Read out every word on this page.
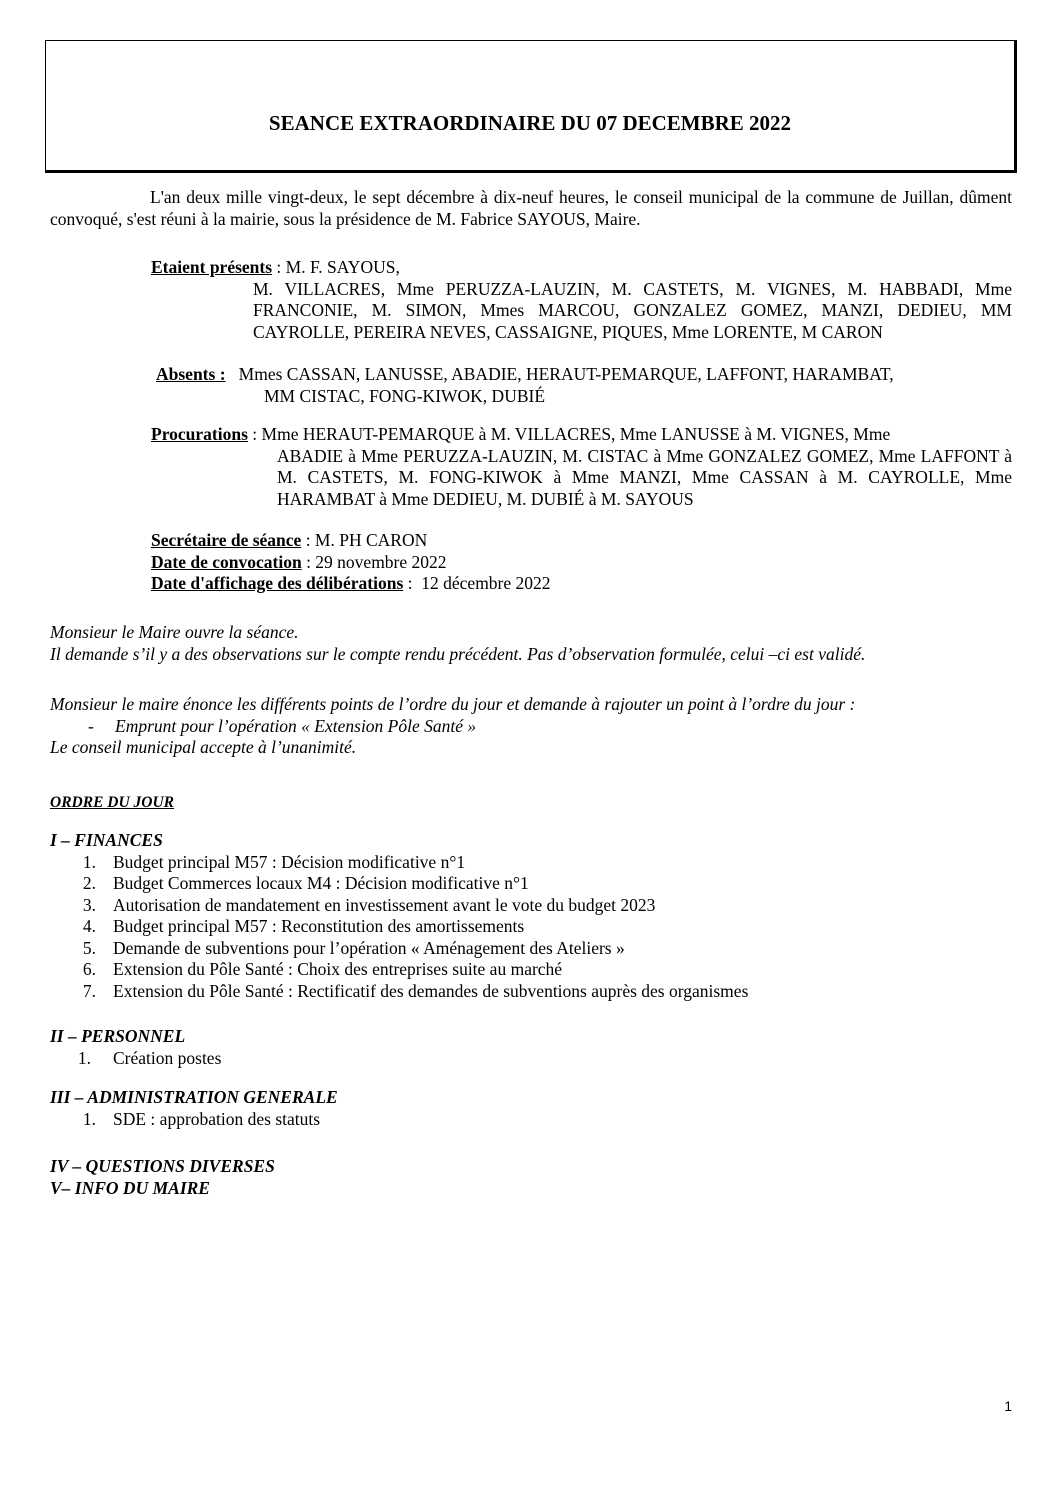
SEANCE EXTRAORDINAIRE DU 07 DECEMBRE 2022
L'an deux mille vingt-deux, le sept décembre à dix-neuf heures, le conseil municipal de la commune de Juillan, dûment convoqué, s'est réuni à la mairie, sous la présidence de M. Fabrice SAYOUS, Maire.
Etaient présents : M. F. SAYOUS,
M. VILLACRES, Mme PERUZZA-LAUZIN, M. CASTETS, M. VIGNES, M. HABBADI, Mme FRANCONIE, M. SIMON, Mmes MARCOU, GONZALEZ GOMEZ, MANZI, DEDIEU, MM CAYROLLE, PEREIRA NEVES, CASSAIGNE, PIQUES, Mme LORENTE, M CARON
Absents : Mmes CASSAN, LANUSSE, ABADIE, HERAUT-PEMARQUE, LAFFONT, HARAMBAT,
MM CISTAC, FONG-KIWOK, DUBIÉ
Procurations : Mme HERAUT-PEMARQUE à M. VILLACRES, Mme LANUSSE à M. VIGNES, Mme
ABADIE à Mme PERUZZA-LAUZIN, M. CISTAC à Mme GONZALEZ GOMEZ, Mme LAFFONT à M. CASTETS, M. FONG-KIWOK à Mme MANZI, Mme CASSAN à M. CAYROLLE, Mme HARAMBAT à Mme DEDIEU, M. DUBIÉ à M. SAYOUS
Secrétaire de séance : M. PH CARON
Date de convocation : 29 novembre 2022
Date d'affichage des délibérations :  12 décembre 2022
Monsieur le Maire ouvre la séance.
Il demande s’il y a des observations sur le compte rendu précédent. Pas d’observation formulée, celui –ci est validé.
Monsieur le maire énonce les différents points de l’ordre du jour et demande à rajouter un point à l’ordre du jour :
-	Emprunt pour l’opération « Extension Pôle Santé »
Le conseil municipal accepte à l’unanimité.
ORDRE DU JOUR
I – FINANCES
1. Budget principal M57 : Décision modificative n°1
2. Budget Commerces locaux M4 : Décision modificative n°1
3. Autorisation de mandatement en investissement avant le vote du budget 2023
4. Budget principal M57 : Reconstitution des amortissements
5. Demande de subventions pour l’opération « Aménagement des Ateliers »
6. Extension du Pôle Santé : Choix des entreprises suite au marché
7. Extension du Pôle Santé : Rectificatif des demandes de subventions auprès des organismes
II – PERSONNEL
1.	Création postes
III – ADMINISTRATION GENERALE
1. SDE : approbation des statuts
IV – QUESTIONS DIVERSES
V– INFO DU MAIRE
1
